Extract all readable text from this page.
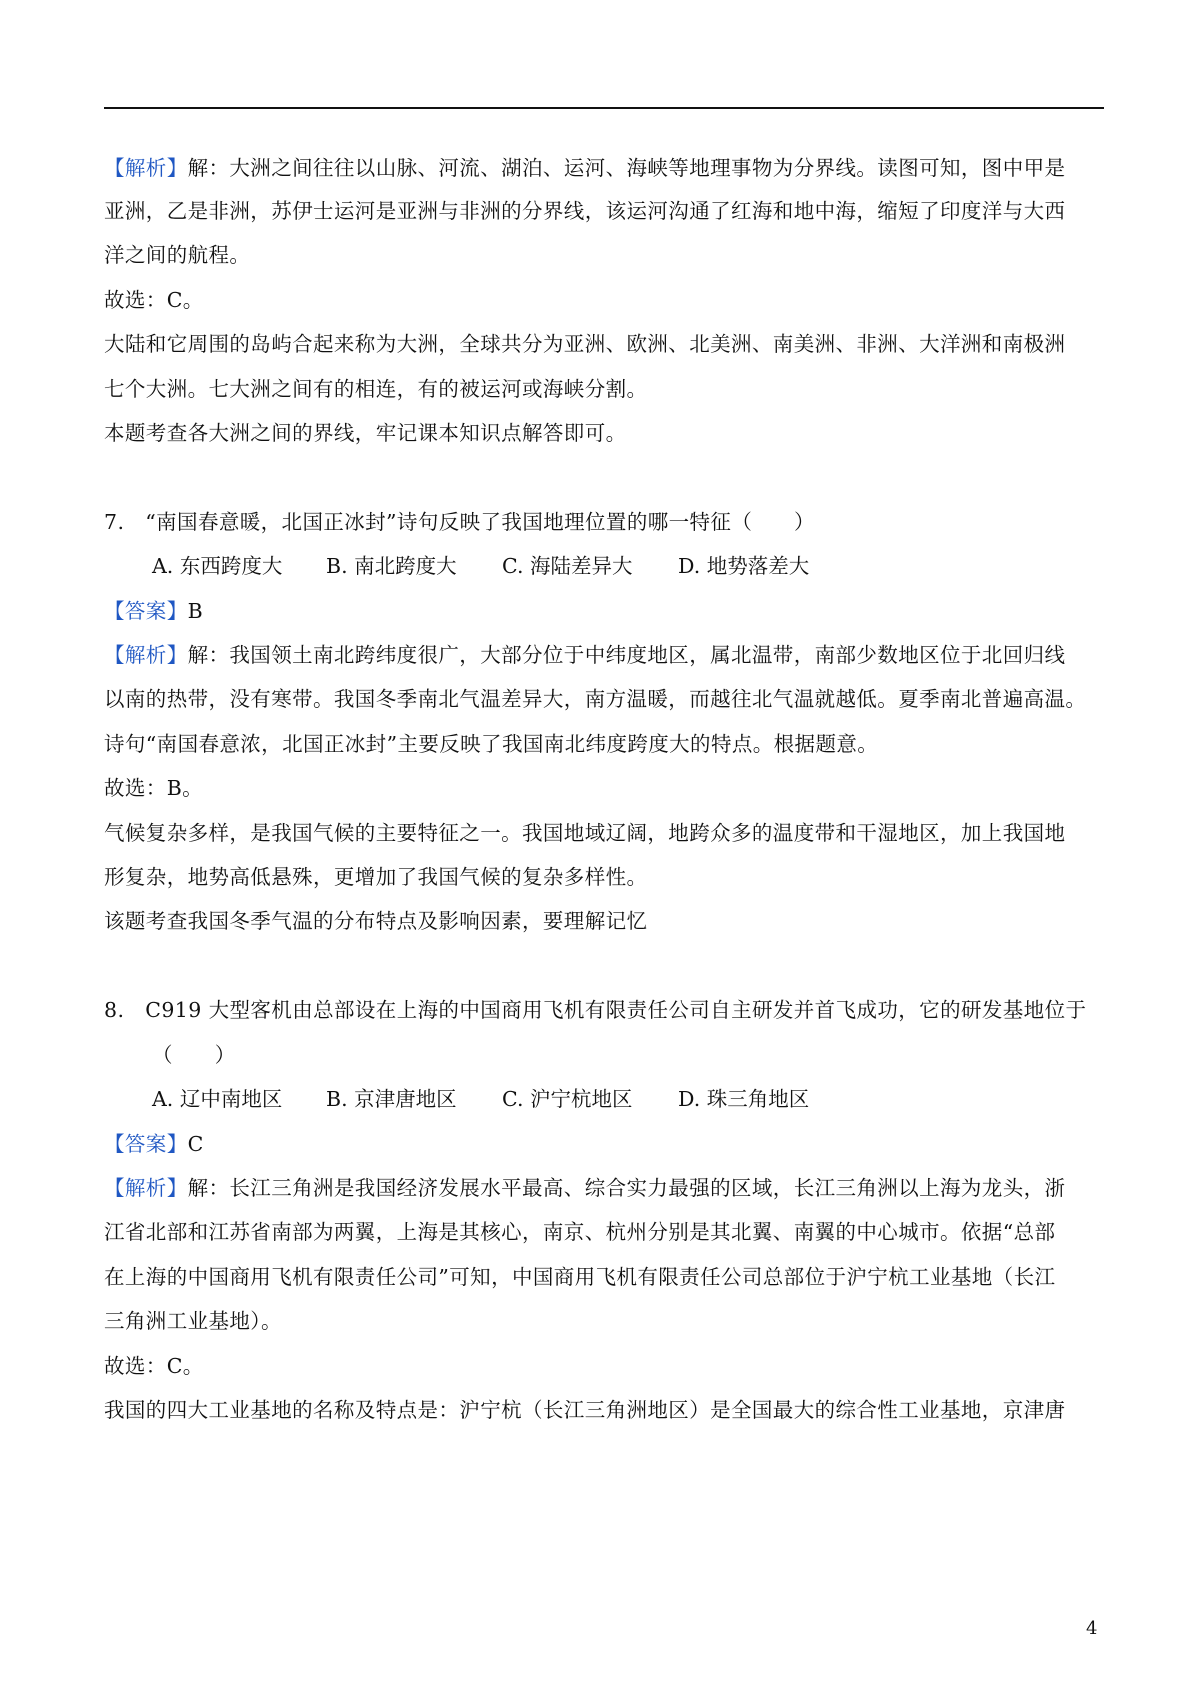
【解析】解：大洲之间往往以山脉、河流、湖泊、运河、海峡等地理事物为分界线。读图可知，图中甲是
亚洲，乙是非洲，苏伊士运河是亚洲与非洲的分界线，该运河沟通了红海和地中海，缩短了印度洋与大西
洋之间的航程。
故选：C。
大陆和它周围的岛屿合起来称为大洲，全球共分为亚洲、欧洲、北美洲、南美洲、非洲、大洋洲和南极洲
七个大洲。七大洲之间有的相连，有的被运河或海峡分割。
本题考查各大洲之间的界线，牢记课本知识点解答即可。
7.　“南国春意暖，北国正冰封”诗句反映了我国地理位置的哪一特征（　　）
A. 东西跨度大 B. 南北跨度大 C. 海陆差异大 D. 地势落差大
【答案】B
【解析】解：我国领土南北跨纬度很广，大部分位于中纬度地区，属北温带，南部少数地区位于北回归线
以南的热带，没有寒带。我国冬季南北气温差异大，南方温暖，而越往北气温就越低。夏季南北普遍高温。
诗句“南国春意浓，北国正冰封”主要反映了我国南北纬度跨度大的特点。根据题意。
故选：B。
气候复杂多样，是我国气候的主要特征之一。我国地域辽阔，地跨众多的温度带和干湿地区，加上我国地
形复杂，地势高低悬殊，更增加了我国气候的复杂多样性。
该题考查我国冬季气温的分布特点及影响因素，要理解记忆
8.　C919 大型客机由总部设在上海的中国商用飞机有限责任公司自主研发并首飞成功，它的研发基地位于
（　　）
A. 辽中南地区 B. 京津唐地区 C. 沪宁杭地区 D. 珠三角地区
【答案】C
【解析】解：长江三角洲是我国经济发展水平最高、综合实力最强的区域，长江三角洲以上海为龙头，浙
江省北部和江苏省南部为两翼，上海是其核心，南京、杭州分别是其北翼、南翼的中心城市。依据“总部
在上海的中国商用飞机有限责任公司”可知，中国商用飞机有限责任公司总部位于沪宁杭工业基地（长江
三角洲工业基地）。
故选：C。
我国的四大工业基地的名称及特点是：沪宁杭（长江三角洲地区）是全国最大的综合性工业基地，京津唐
4
